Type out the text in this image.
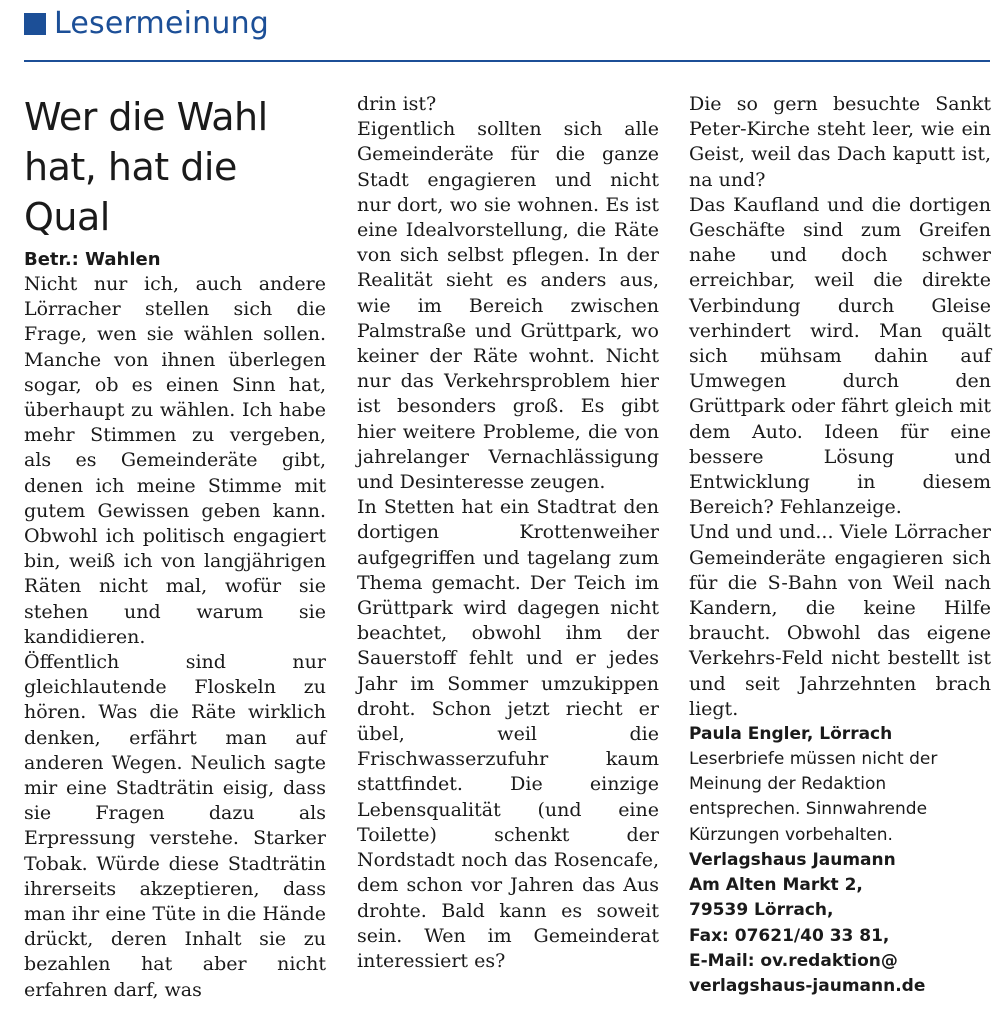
Lesermeinung
Wer die Wahl hat, hat die Qual

Betr.: Wahlen

Nicht nur ich, auch andere Lörracher stellen sich die Frage, wen sie wählen sollen. Manche von ihnen überlegen sogar, ob es einen Sinn hat, überhaupt zu wählen. Ich habe mehr Stimmen zu vergeben, als es Gemeinderäte gibt, denen ich meine Stimme mit gutem Gewissen geben kann. Obwohl ich politisch engagiert bin, weiß ich von langjährigen Räten nicht mal, wofür sie stehen und warum sie kandidieren.

Öffentlich sind nur gleichlautende Floskeln zu hören. Was die Räte wirklich denken, erfährt man auf anderen Wegen. Neulich sagte mir eine Stadträtin eisig, dass sie Fragen dazu als Erpressung verstehe. Starker Tobak. Würde diese Stadträtin ihrerseits akzeptieren, dass man ihr eine Tüte in die Hände drückt, deren Inhalt sie zu bezahlen hat aber nicht erfahren darf, was

drin ist?

Eigentlich sollten sich alle Gemeinderäte für die ganze Stadt engagieren und nicht nur dort, wo sie wohnen. Es ist eine Idealvorstellung, die Räte von sich selbst pflegen. In der Realität sieht es anders aus, wie im Bereich zwischen Palmstraße und Grüttpark, wo keiner der Räte wohnt. Nicht nur das Verkehrsproblem hier ist besonders groß. Es gibt hier weitere Probleme, die von jahrelanger Vernachlässigung und Desinteresse zeugen.

In Stetten hat ein Stadtrat den dortigen Krottenweiher aufgegriffen und tagelang zum Thema gemacht. Der Teich im Grüttpark wird dagegen nicht beachtet, obwohl ihm der Sauerstoff fehlt und er jedes Jahr im Sommer umzukippen droht. Schon jetzt riecht er übel, weil die Frischwasserzufuhr kaum stattfindet. Die einzige Lebensqualität (und eine Toilette) schenkt der Nordstadt noch das Rosencafe, dem schon vor Jahren das Aus drohte. Bald kann es soweit sein. Wen im Gemeinderat interessiert es?

Die so gern besuchte Sankt Peter-Kirche steht leer, wie ein Geist, weil das Dach kaputt ist, na und?

Das Kaufland und die dortigen Geschäfte sind zum Greifen nahe und doch schwer erreichbar, weil die direkte Verbindung durch Gleise verhindert wird. Man quält sich mühsam dahin auf Umwegen durch den Grüttpark oder fährt gleich mit dem Auto. Ideen für eine bessere Lösung und Entwicklung in diesem Bereich? Fehlanzeige.

Und und und... Viele Lörracher Gemeinderäte engagieren sich für die S-Bahn von Weil nach Kandern, die keine Hilfe braucht. Obwohl das eigene Verkehrs-Feld nicht bestellt ist und seit Jahrzehnten brach liegt.

Paula Engler, Lörrach

Leserbriefe müssen nicht der Meinung der Redaktion entsprechen. Sinnwahrende Kürzungen vorbehalten.

Verlagshaus Jaumann
Am Alten Markt 2,
79539 Lörrach,
Fax: 07621/40 33 81,
E-Mail: ov.redaktion@
verlagshaus-jaumann.de
